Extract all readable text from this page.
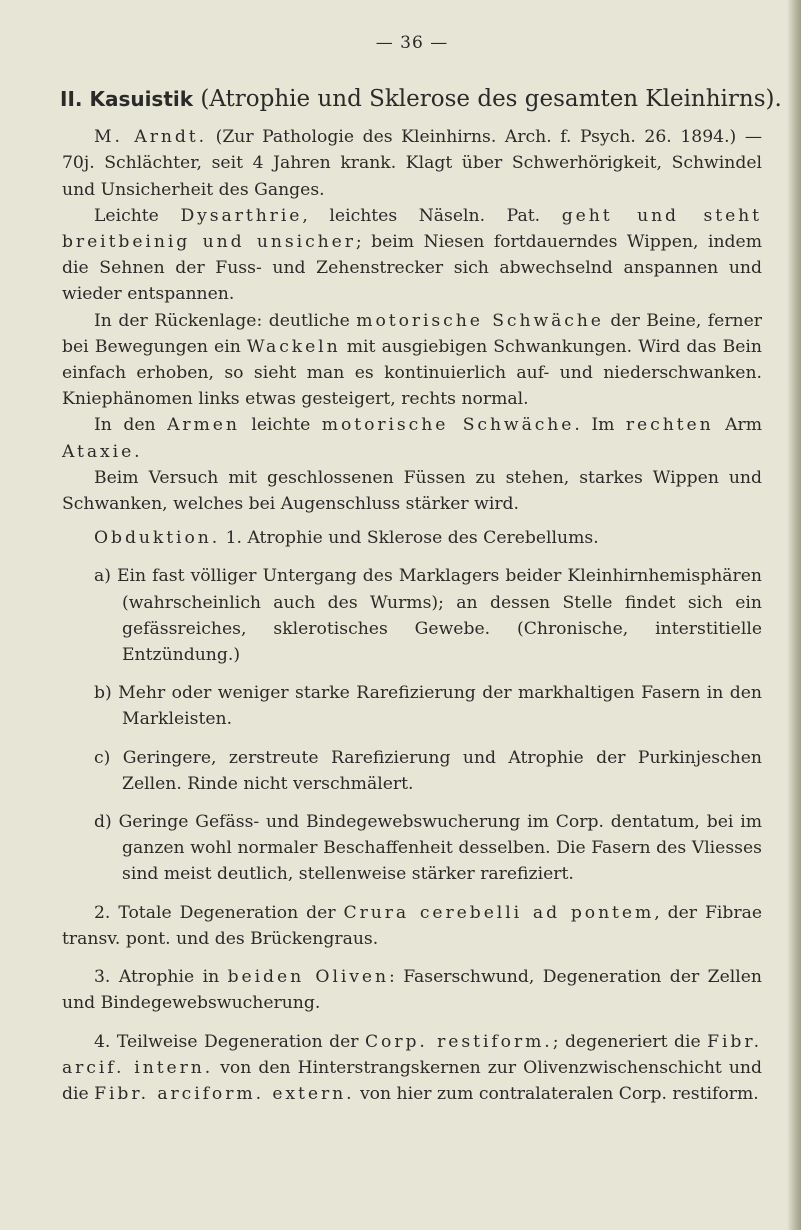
— 36 —
II. Kasuistik (Atrophie und Sklerose des gesamten Kleinhirns).

M. Arndt. (Zur Pathologie des Kleinhirns. Arch. f. Psych. 26. 1894.) — 70j. Schlächter, seit 4 Jahren krank. Klagt über Schwerhörigkeit, Schwindel und Unsicherheit des Ganges.

Leichte Dysarthrie, leichtes Näseln. Pat. geht und steht breitbeinig und unsicher; beim Niesen fortdauerndes Wippen, indem die Sehnen der Fuss- und Zehenstrecker sich abwechselnd anspannen und wieder entspannen.

In der Rückenlage: deutliche motorische Schwäche der Beine, ferner bei Bewegungen ein Wackeln mit ausgiebigen Schwankungen. Wird das Bein einfach erhoben, so sieht man es kontinuierlich auf- und niederschwanken. Kniephänomen links etwas gesteigert, rechts normal.

In den Armen leichte motorische Schwäche. Im rechten Arm Ataxie.

Beim Versuch mit geschlossenen Füssen zu stehen, starkes Wippen und Schwanken, welches bei Augenschluss stärker wird.

Obduktion. 1. Atrophie und Sklerose des Cerebellums.

a) Ein fast völliger Untergang des Marklagers beider Kleinhirnhemisphären (wahrscheinlich auch des Wurms); an dessen Stelle findet sich ein gefässreiches, sklerotisches Gewebe. (Chronische, interstitielle Entzündung.)

b) Mehr oder weniger starke Rarefizierung der markhaltigen Fasern in den Markleisten.

c) Geringere, zerstreute Rarefizierung und Atrophie der Purkinjeschen Zellen. Rinde nicht verschmälert.

d) Geringe Gefäss- und Bindegewebswucherung im Corp. dentatum, bei im ganzen wohl normaler Beschaffenheit desselben. Die Fasern des Vliesses sind meist deutlich, stellenweise stärker rarefiziert.

2. Totale Degeneration der Crura cerebelli ad pontem, der Fibrae transv. pont. und des Brückengraus.

3. Atrophie in beiden Oliven: Faserschwund, Degeneration der Zellen und Bindegewebswucherung.

4. Teilweise Degeneration der Corp. restiform.; degeneriert die Fibr. arcif. intern. von den Hinterstrangskernen zur Olivenzwischenschicht und die Fibr. arciform. extern. von hier zum contralateralen Corp. restiform.
